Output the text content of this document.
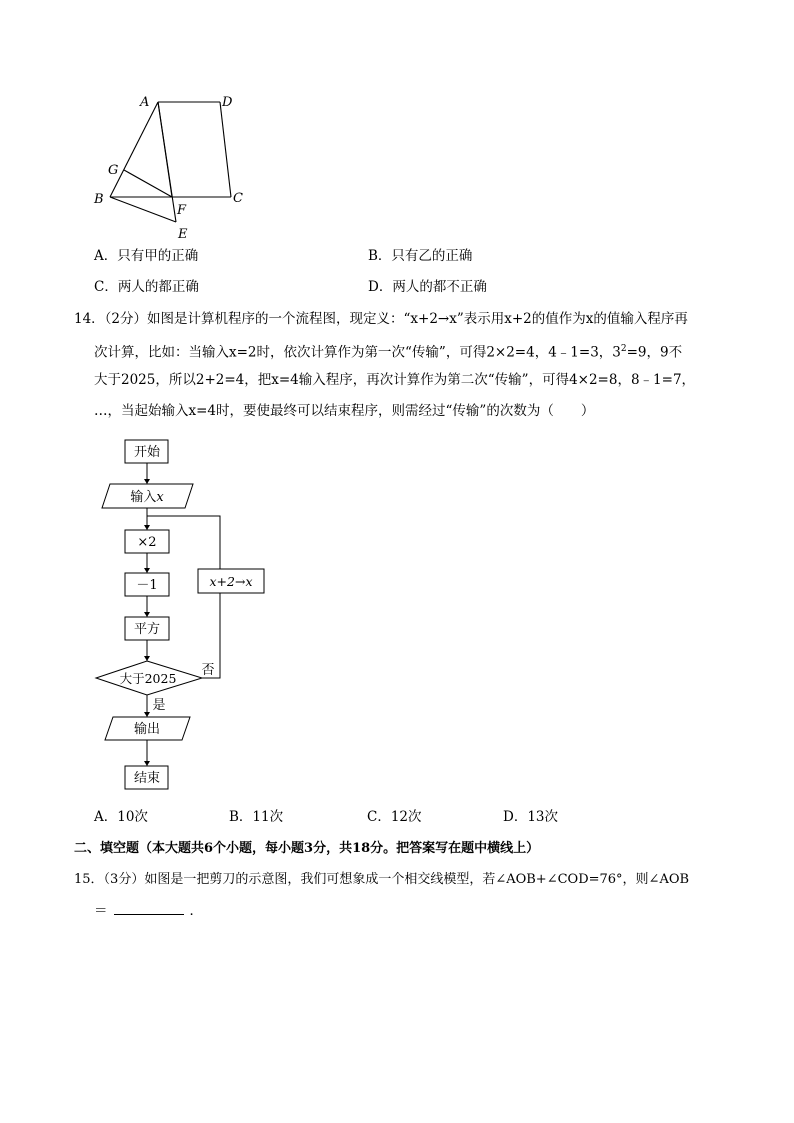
A	D
G
B
F
C
E
A．只有甲的正确	B．只有乙的正确
C．两人的都正确	D．两人的都不正确
14．（2分）如图是计算机程序的一个流程图，现定义：“x+2→x”表示用x+2的值作为x的值输入程序再
次计算，比如：当输入x=2时，依次计算作为第一次“传输”，可得2×2=4，4﹣1=3，$3^2=9$，9不
大于2025，所以2+2=4，把x=4输入程序，再次计算作为第二次“传输”，可得4×2=8，8﹣1=7，
…，当起始输入x=4时，要使最终可以结束程序，则需经过“传输”的次数为（　　）
开始
输入x
×2
－1
平方
大于2025
输出
结束
x+2→x
否
是
A．10次	B．11次	C．12次	D．13次
二、填空题（本大题共6个小题，每小题3分，共18分。把答案写在题中横线上）
15．（3分）如图是一把剪刀的示意图，我们可想象成一个相交线模型，若∠AOB+∠COD=76°，则∠AOB
＝	．
